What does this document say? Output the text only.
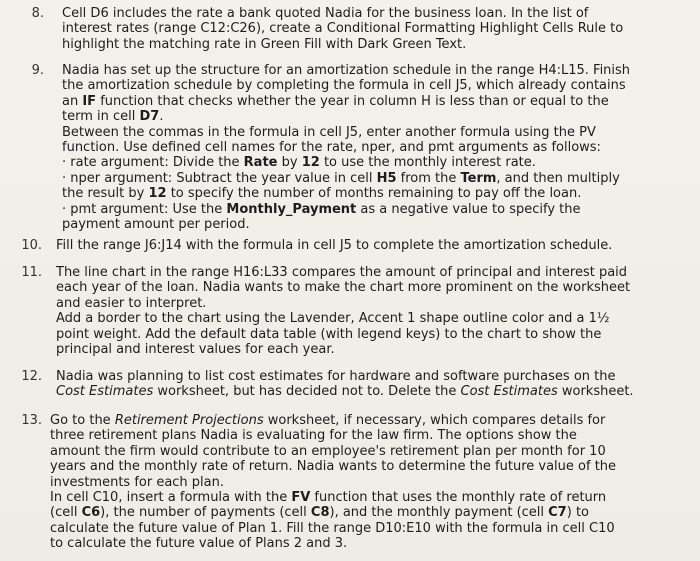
8. Cell D6 includes the rate a bank quoted Nadia for the business loan. In the list of

interest rates (range C12:C26), create a Conditional Formatting Highlight Cells Rule to

highlight the matching rate in Green Fill with Dark Green Text.

9. Nadia has set up the structure for an amortization schedule in the range H4:L15. Finish

the amortization schedule by completing the formula in cell J5, which already contains

an IF function that checks whether the year in column H is less than or equal to the

term in cell D7.

Between the commas in the formula in cell J5, enter another formula using the PV

function. Use defined cell names for the rate, nper, and pmt arguments as follows:

· rate argument: Divide the Rate by 12 to use the monthly interest rate.

· nper argument: Subtract the year value in cell H5 from the Term, and then multiply

the result by 12 to specify the number of months remaining to pay off the loan.

· pmt argument: Use the Monthly_Payment as a negative value to specify the

payment amount per period.

10. Fill the range J6:J14 with the formula in cell J5 to complete the amortization schedule.

11. The line chart in the range H16:L33 compares the amount of principal and interest paid

each year of the loan. Nadia wants to make the chart more prominent on the worksheet

and easier to interpret.

Add a border to the chart using the Lavender, Accent 1 shape outline color and a 1½

point weight. Add the default data table (with legend keys) to the chart to show the

principal and interest values for each year.

12. Nadia was planning to list cost estimates for hardware and software purchases on the

Cost Estimates worksheet, but has decided not to. Delete the Cost Estimates worksheet.

13. Go to the Retirement Projections worksheet, if necessary, which compares details for

three retirement plans Nadia is evaluating for the law firm. The options show the

amount the firm would contribute to an employee's retirement plan per month for 10

years and the monthly rate of return. Nadia wants to determine the future value of the

investments for each plan.

In cell C10, insert a formula with the FV function that uses the monthly rate of return

(cell C6), the number of payments (cell C8), and the monthly payment (cell C7) to

calculate the future value of Plan 1. Fill the range D10:E10 with the formula in cell C10

to calculate the future value of Plans 2 and 3.
